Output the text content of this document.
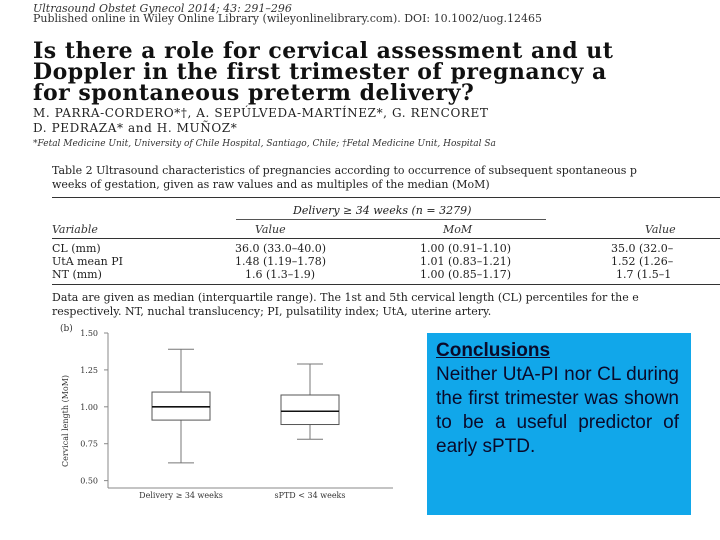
Ultrasound Obstet Gynecol 2014; 43: 291–296
Published online in Wiley Online Library (wileyonlinelibrary.com). DOI: 10.1002/uog.12465
Is there a role for cervical assessment and ut
Doppler in the first trimester of pregnancy a
for spontaneous preterm delivery?
M. PARRA-CORDERO*†, A. SEPÚLVEDA-MARTÍNEZ*, G. RENCORET
D. PEDRAZA* and H. MUÑOZ*
*Fetal Medicine Unit, University of Chile Hospital, Santiago, Chile; †Fetal Medicine Unit, Hospital Sa
Table 2 Ultrasound characteristics of pregnancies according to occurrence of subsequent spontaneous p
weeks of gestation, given as raw values and as multiples of the median (MoM)
Delivery ≥ 34 weeks (n = 3279)
Variable	Value	MoM	Value
CL (mm)	36.0 (33.0–40.0)	1.00 (0.91–1.10)	35.0 (32.0–
UtA mean PI	1.48 (1.19–1.78)	1.01 (0.83–1.21)	1.52 (1.26–
NT (mm)	1.6 (1.3–1.9)	1.00 (0.85–1.17)	1.7 (1.5–1
Data are given as median (interquartile range). The 1st and 5th cervical length (CL) percentiles for the e
respectively. NT, nuchal translucency; PI, pulsatility index; UtA, uterine artery.
(b)
Cervical length (MoM)
1.50
1.25
1.00
0.75
0.50
Delivery ≥ 34 weeks	sPTD < 34 weeks
Conclusions
Neither UtA-PI nor CL during the first trimester was shown to be a useful predictor of early sPTD.
